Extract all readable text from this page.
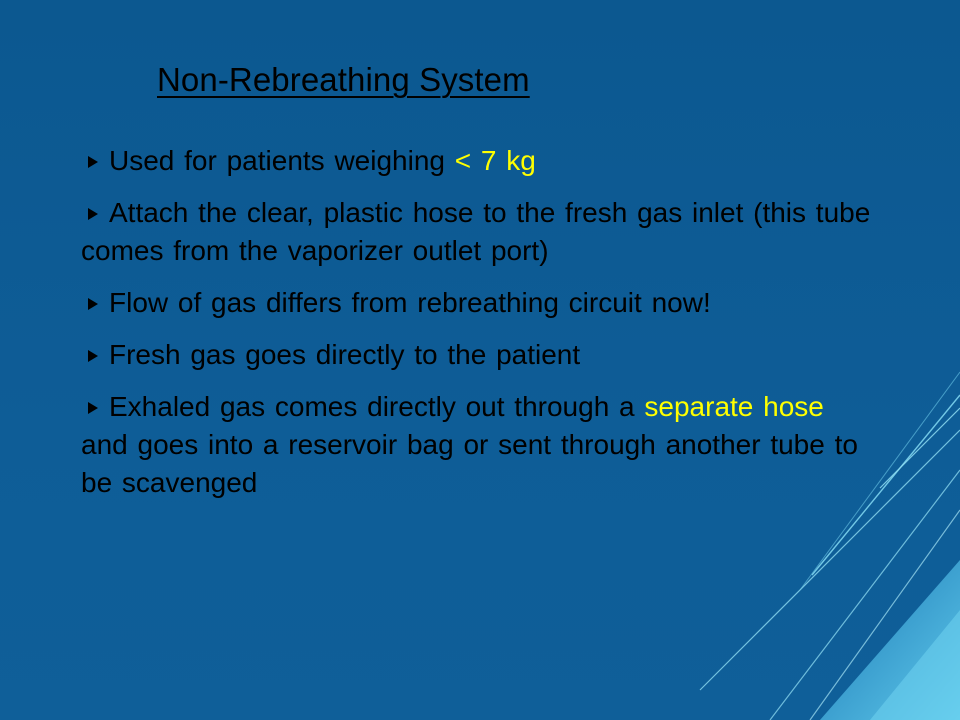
Non-Rebreathing System

Used for patients weighing < 7 kg

Attach the clear, plastic hose to the fresh gas inlet (this tube comes from the vaporizer outlet port)

Flow of gas differs from rebreathing circuit now!

Fresh gas goes directly to the patient

Exhaled gas comes directly out through a separate hose and goes into a reservoir bag or sent through another tube to be scavenged
